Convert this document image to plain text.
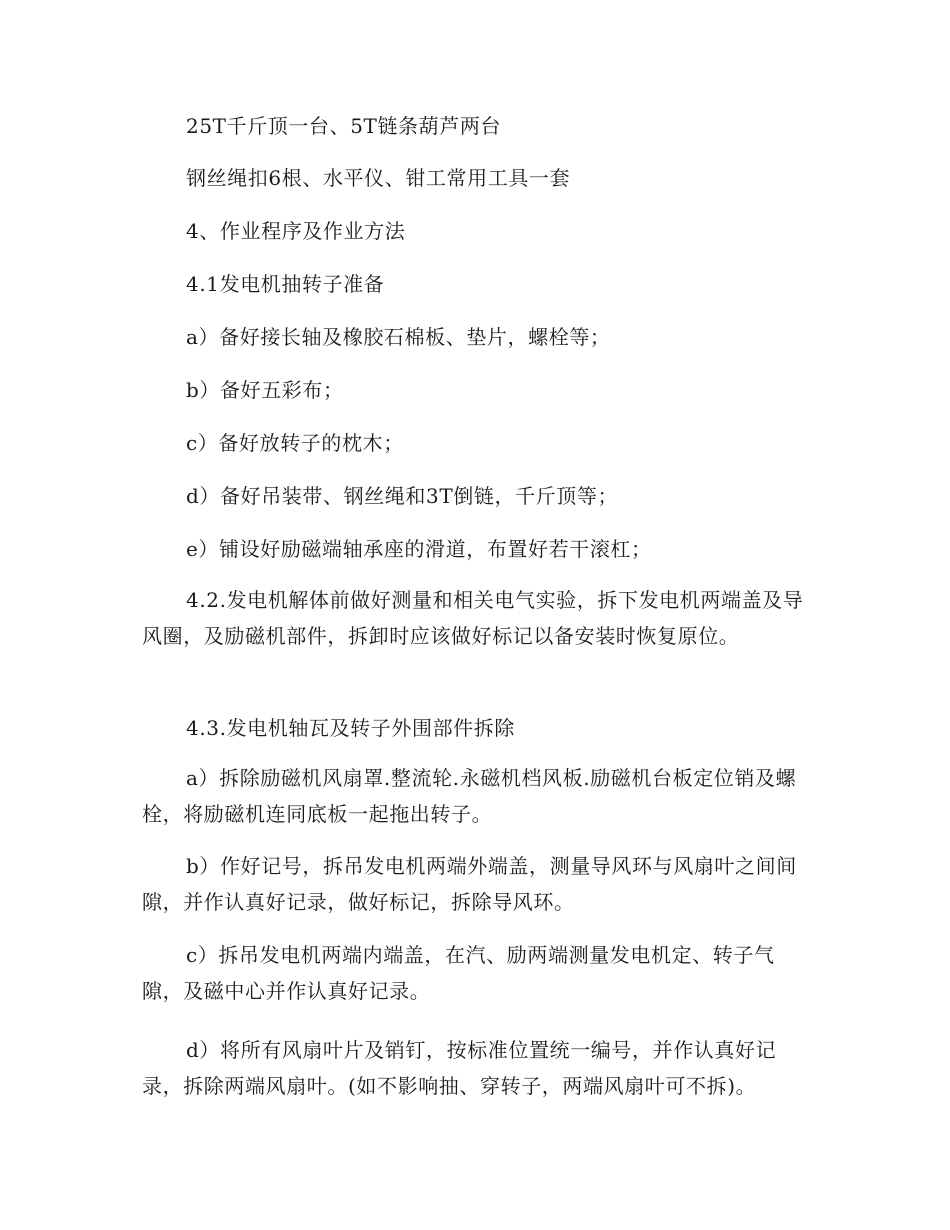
25T千斤顶一台、5T链条葫芦两台

钢丝绳扣6根、水平仪、钳工常用工具一套

4、作业程序及作业方法

4.1发电机抽转子准备

a）备好接长轴及橡胶石棉板、垫片，螺栓等；

b）备好五彩布；

c）备好放转子的枕木；

d）备好吊装带、钢丝绳和3T倒链，千斤顶等；

e）铺设好励磁端轴承座的滑道，布置好若干滚杠；

4.2.发电机解体前做好测量和相关电气实验，拆下发电机两端盖及导风圈，及励磁机部件，拆卸时应该做好标记以备安装时恢复原位。

4.3.发电机轴瓦及转子外围部件拆除

a）拆除励磁机风扇罩.整流轮.永磁机档风板.励磁机台板定位销及螺栓，将励磁机连同底板一起拖出转子。

b）作好记号，拆吊发电机两端外端盖，测量导风环与风扇叶之间间隙，并作认真好记录，做好标记，拆除导风环。

c）拆吊发电机两端内端盖，在汽、励两端测量发电机定、转子气隙，及磁中心并作认真好记录。

d）将所有风扇叶片及销钉，按标准位置统一编号，并作认真好记录，拆除两端风扇叶。(如不影响抽、穿转子，两端风扇叶可不拆)。
